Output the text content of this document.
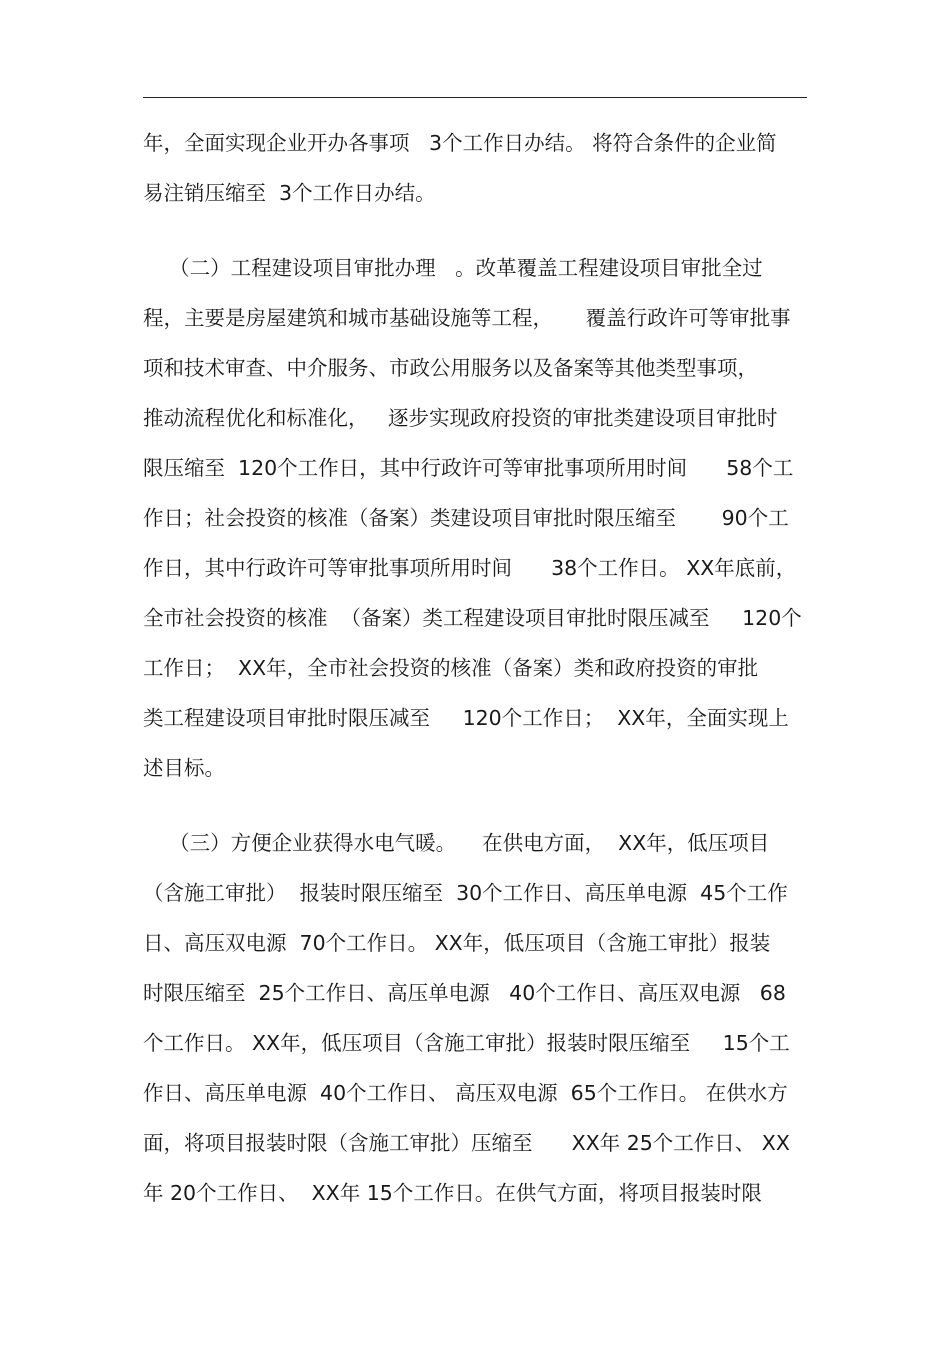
年，全面实现企业开办各事项   3个工作日办结。 将符合条件的企业简
易注销压缩至  3个工作日办结。
（二）工程建设项目审批办理   。改革覆盖工程建设项目审批全过
程，主要是房屋建筑和城市基础设施等工程，     覆盖行政许可等审批事
项和技术审查、中介服务、市政公用服务以及备案等其他类型事项，
推动流程优化和标准化，   逐步实现政府投资的审批类建设项目审批时
限压缩至  120个工作日，其中行政许可等审批事项所用时间      58个工
作日；社会投资的核准（备案）类建设项目审批时限压缩至       90个工
作日，其中行政许可等审批事项所用时间      38个工作日。 XX年底前，
全市社会投资的核准  （备案）类工程建设项目审批时限压减至     120个
工作日；  XX年，全市社会投资的核准（备案）类和政府投资的审批
类工程建设项目审批时限压减至     120个工作日；  XX年，全面实现上
述目标。
（三）方便企业获得水电气暖。    在供电方面，  XX年，低压项目
（含施工审批）  报装时限压缩至  30个工作日、高压单电源  45个工作
日、高压双电源  70个工作日。 XX年，低压项目（含施工审批）报装
时限压缩至  25个工作日、高压单电源   40个工作日、高压双电源   68
个工作日。 XX年，低压项目（含施工审批）报装时限压缩至     15个工
作日、高压单电源  40个工作日、 高压双电源  65个工作日。 在供水方
面，将项目报装时限（含施工审批）压缩至      XX年 25个工作日、 XX
年 20个工作日、  XX年 15个工作日。在供气方面，将项目报装时限
